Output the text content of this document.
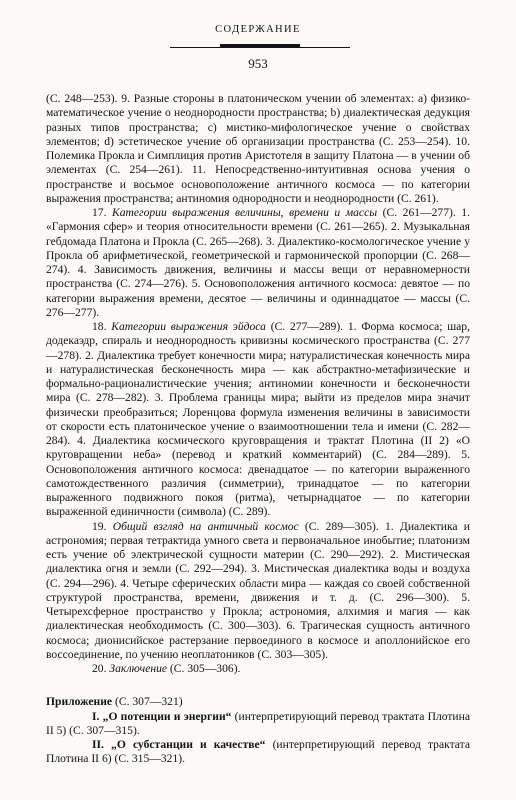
СОДЕРЖАНИЕ
953

(С. 248—253). 9. Разные стороны в платоническом учении об элементах: a) физико-математическое учение о неоднородности пространства; b) диалектическая дедукция разных типов пространства; c) мистико-мифологическое учение о свойствах элементов; d) эстетическое учение об организации пространства (С. 253—254). 10. Полемика Прокла и Симплиция против Аристотеля в защиту Платона — в учении об элементах (С. 254—261). 11. Непосредственно-интуитивная основа учения о пространстве и восьмое основоположение античного космоса — по категории выражения пространства; антиномия однородности и неоднородности (С. 261).

17. Категории выражения величины, времени и массы (С. 261—277). 1. «Гармония сфер» и теория относительности времени (С. 261—265). 2. Музыкальная гебдомада Платона и Прокла (С. 265—268). 3. Диалектико-космологическое учение у Прокла об арифметической, геометрической и гармонической пропорции (С. 268—274). 4. Зависимость движения, величины и массы вещи от неравномерности пространства (С. 274—276). 5. Основоположения античного космоса: девятое — по категории выражения времени, десятое — величины и одиннадцатое — массы (С. 276—277).

18. Категории выражения эйдоса (С. 277—289). 1. Форма космоса; шар, додекаэдр, спираль и неоднородность кривизны космического пространства (С. 277—278). 2. Диалектика требует конечности мира; натуралистическая конечность мира и натуралистическая бесконечность мира — как абстрактно-метафизические и формально-рационалистические учения; антиномии конечности и бесконечности мира (С. 278—282). 3. Проблема границы мира; выйти из пределов мира значит физически преобразиться; Лоренцова формула изменения величины в зависимости от скорости есть платоническое учение о взаимоотношении тела и имени (С. 282—284). 4. Диалектика космического круговращения и трактат Плотина (II 2) «О круговращении неба» (перевод и краткий комментарий) (С. 284—289). 5. Основоположения античного космоса: двенадцатое — по категории выраженного самотождественного различия (симметрии), тринадцатое — по категории выраженного подвижного покоя (ритма), четырнадцатое — по категории выраженной единичности (символа) (С. 289).

19. Общий взгляд на античный космос (С. 289—305). 1. Диалектика и астрономия; первая тетрактида умного света и первоначальное инобытие; платонизм есть учение об электрической сущности материи (С. 290—292). 2. Мистическая диалектика огня и земли (С. 292—294). 3. Мистическая диалектика воды и воздуха (С. 294—296). 4. Четыре сферических области мира — каждая со своей собственной структурой пространства, времени, движения и т. д. (С. 296—300). 5. Четырехсферное пространство у Прокла; астрономия, алхимия и магия — как диалектическая необходимость (С. 300—303). 6. Трагическая сущность античного космоса; дионисийское растерзание первоединого в космосе и аполлонийское его воссоединение, по учению неоплатоников (С. 303—305).

20. Заключение (С. 305—306).

Приложение (С. 307—321)

I. „О потенции и энергии“ (интерпретирующий перевод трактата Плотина II 5) (С. 307—315).

II. „О субстанции и качестве“ (интерпретирующий перевод трактата Плотина II 6) (С. 315—321).
